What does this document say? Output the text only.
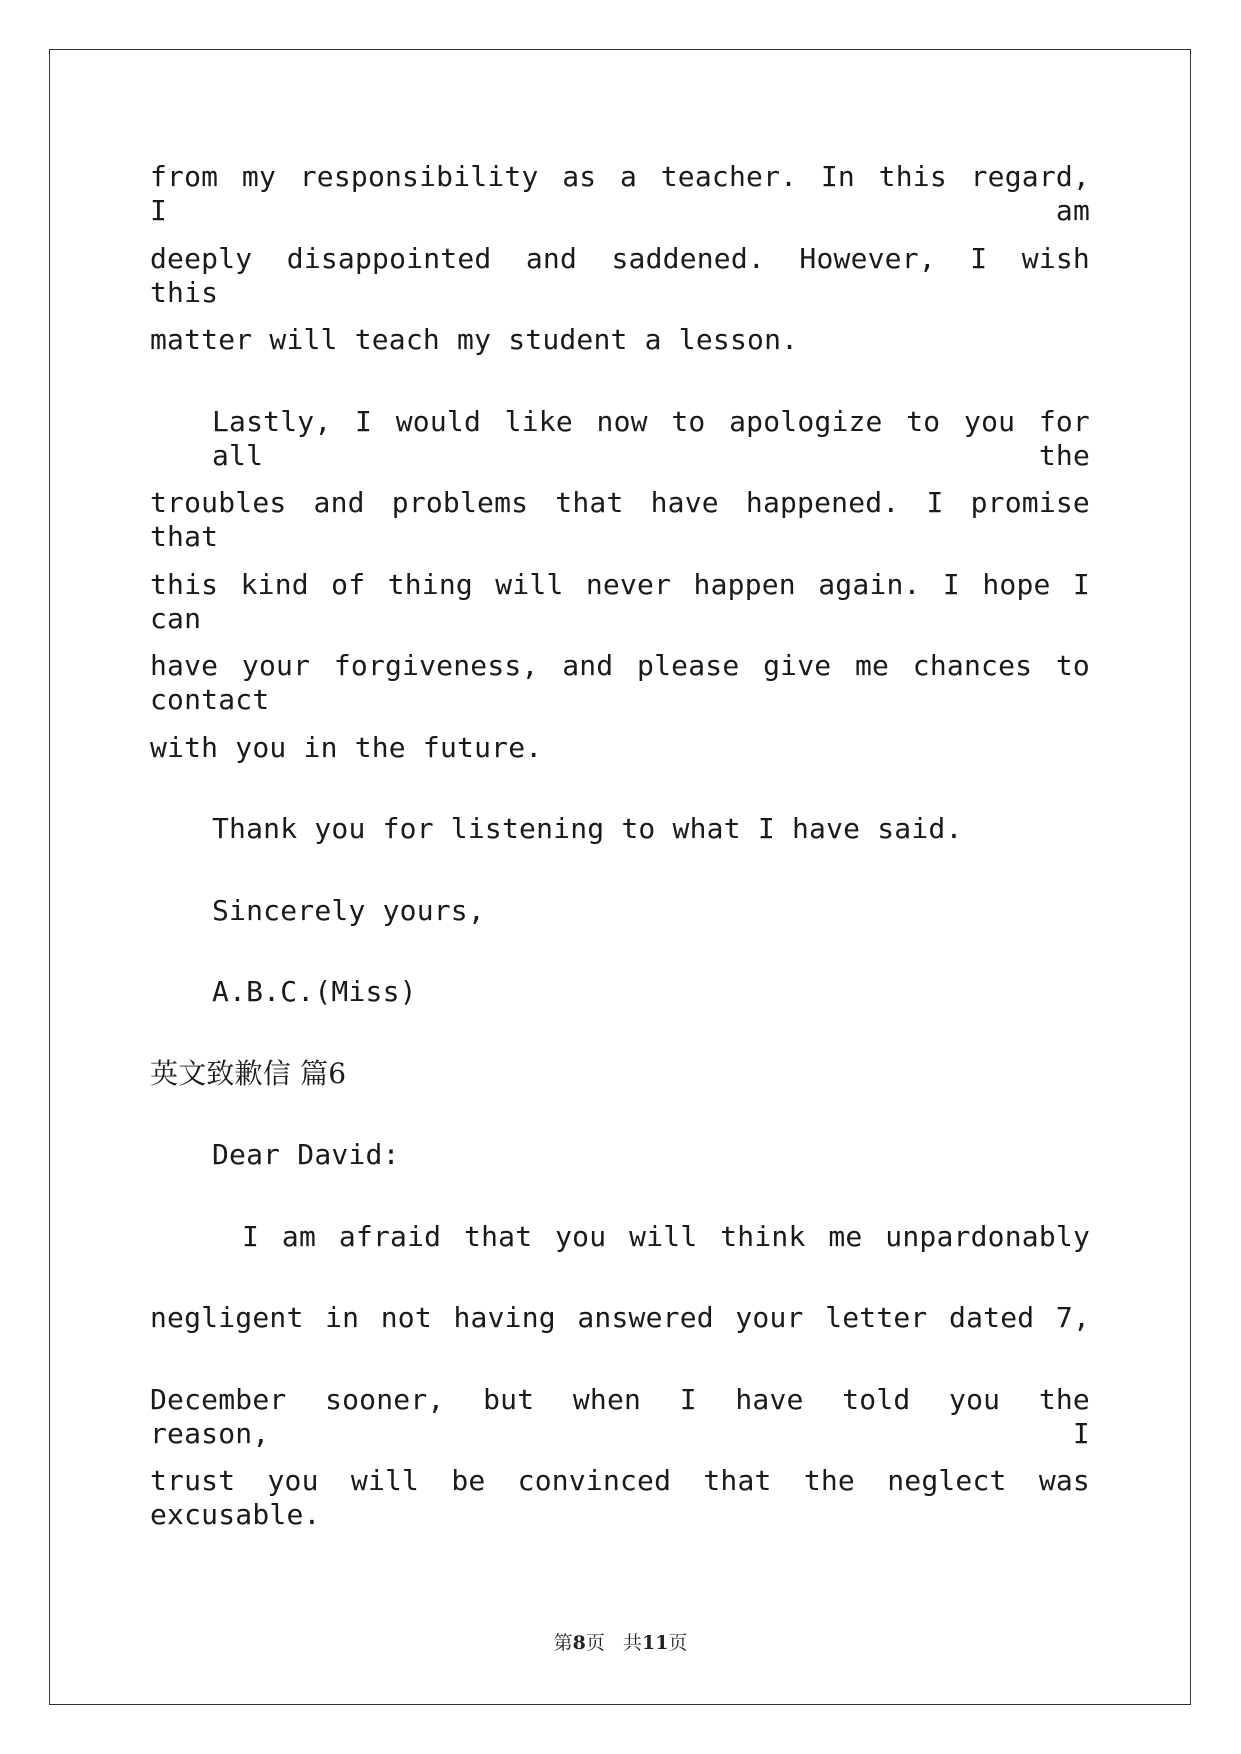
from my responsibility as a teacher. In this regard, I am
deeply disappointed and saddened. However, I wish this
matter will teach my student a lesson.
Lastly, I would like now to apologize to you for all the
troubles and problems that have happened. I promise that
this kind of thing will never happen again. I hope I can
have your forgiveness, and please give me chances to contact
with you in the future.
Thank you for listening to what I have said.
Sincerely yours,
A.B.C.(Miss)
英文致歉信 篇6
Dear David:
I am afraid that you will think me unpardonably
negligent in not having answered your letter dated 7,
December sooner, but when I have told you the reason, I
trust you will be convinced that the neglect was excusable.
第8页 共11页
